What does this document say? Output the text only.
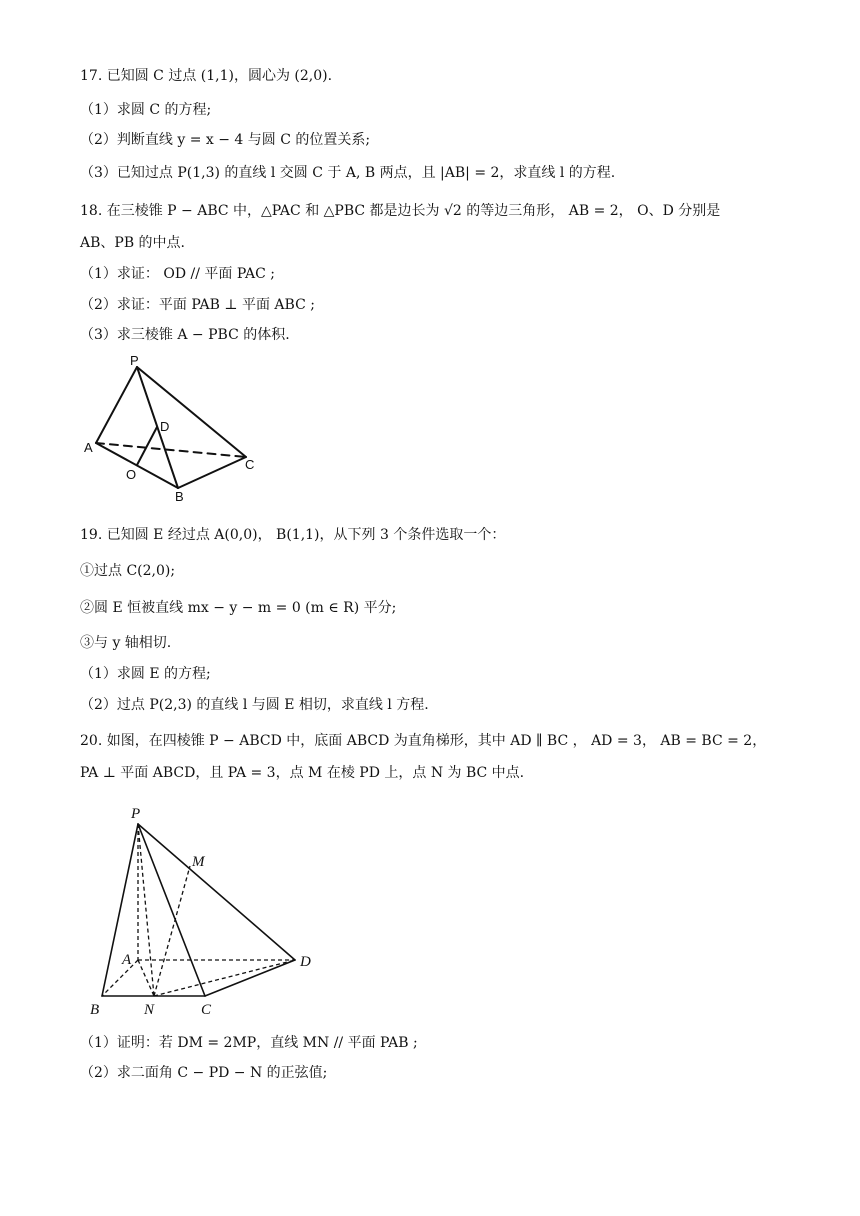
17. 已知圆 C 过点 (1,1)，圆心为 (2,0).
（1）求圆 C 的方程;
（2）判断直线 y = x − 4 与圆 C 的位置关系;
（3）已知过点 P(1,3) 的直线 l 交圆 C 于 A, B 两点，且 |AB| = 2，求直线 l 的方程.
18. 在三棱锥 P − ABC 中，△PAC 和 △PBC 都是边长为 √2 的等边三角形， AB = 2， O、D 分别是
AB、PB 的中点.
（1）求证： OD // 平面 PAC ;
（2）求证：平面 PAB ⊥ 平面 ABC ;
（3）求三棱锥 A − PBC 的体积.
P
A
B
C
D
O
19. 已知圆 E 经过点 A(0,0)， B(1,1)，从下列 3 个条件选取一个：
①过点 C(2,0);
②圆 E 恒被直线 mx − y − m = 0 (m ∈ R) 平分;
③与 y 轴相切.
（1）求圆 E 的方程;
（2）过点 P(2,3) 的直线 l 与圆 E 相切，求直线 l 方程.
20. 如图，在四棱锥 P − ABCD 中，底面 ABCD 为直角梯形，其中 AD ∥ BC ， AD = 3， AB = BC = 2，
PA ⊥ 平面 ABCD，且 PA = 3，点 M 在棱 PD 上，点 N 为 BC 中点.
P
M
A	D
B	N	C
（1）证明：若 DM = 2MP，直线 MN // 平面 PAB ;
（2）求二面角 C − PD − N 的正弦值;
